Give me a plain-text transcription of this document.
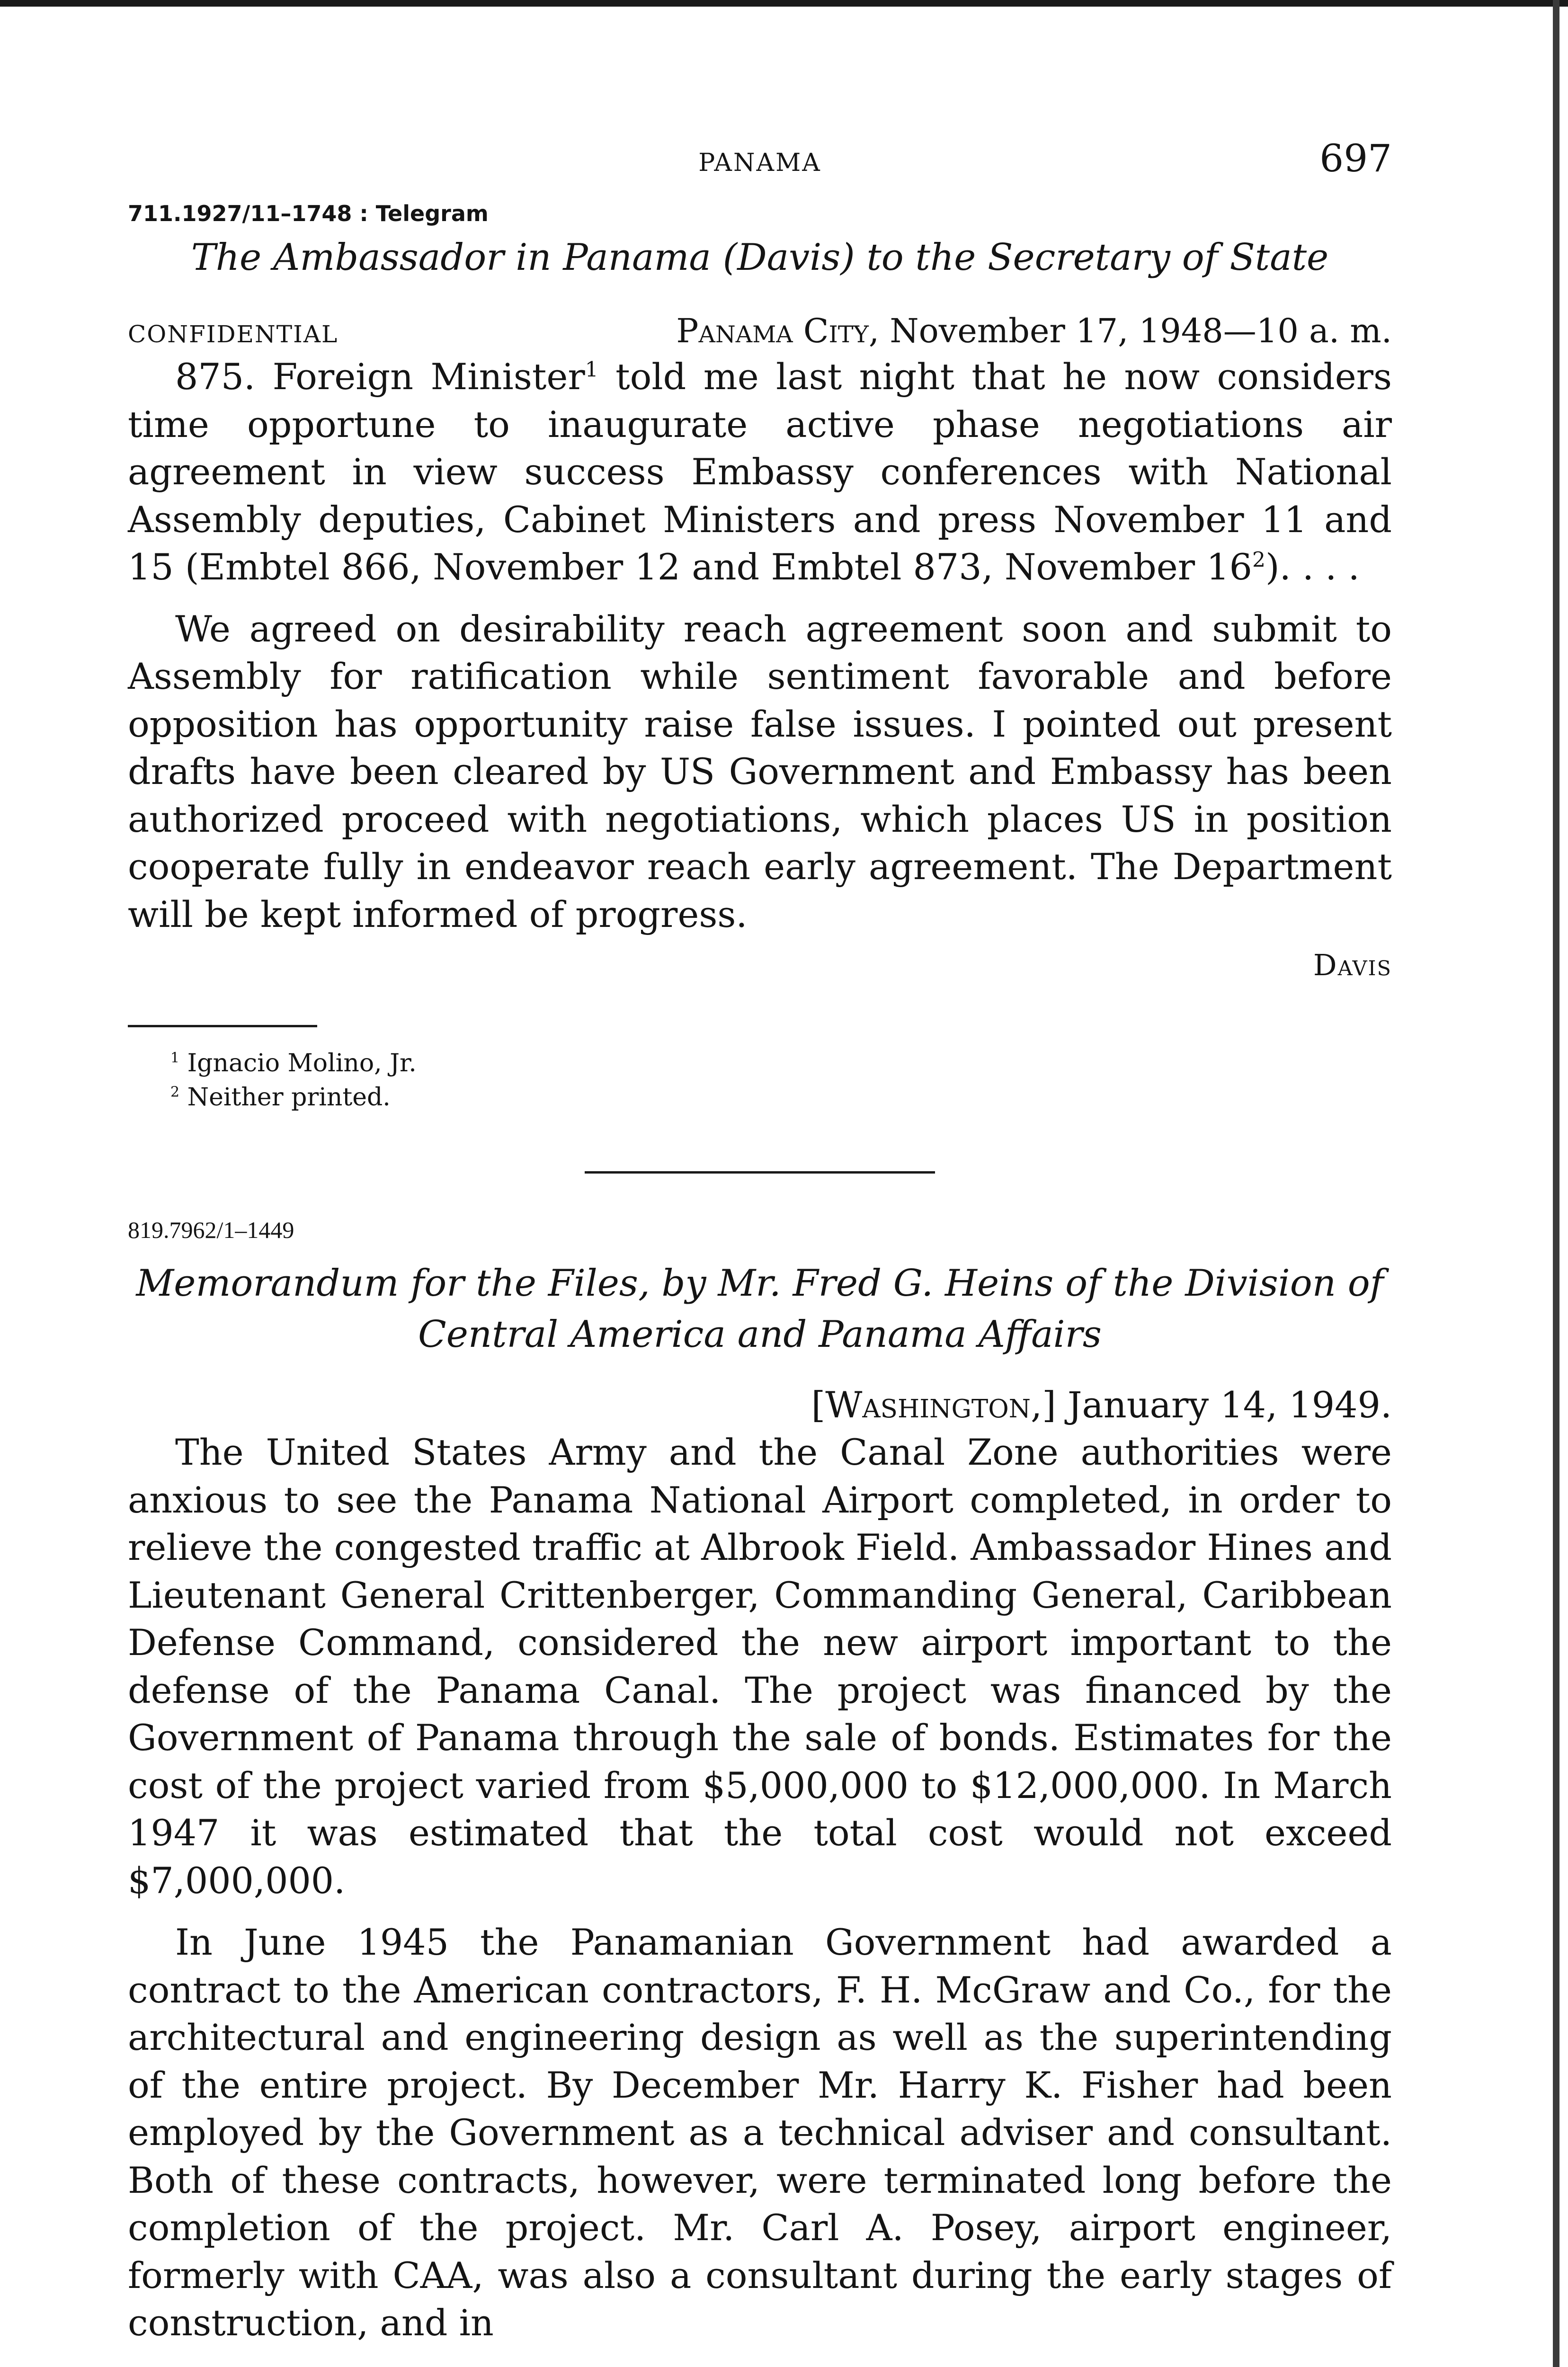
PANAMA	697
711.1927/11–1748 : Telegram
The Ambassador in Panama (Davis) to the Secretary of State
CONFIDENTIAL	Panama City, November 17, 1948—10 a. m.

875. Foreign Minister$^1$ told me last night that he now considers time opportune to inaugurate active phase negotiations air agreement in view success Embassy conferences with National Assembly deputies, Cabinet Ministers and press November 11 and 15 (Embtel 866, November 12 and Embtel 873, November $16^2$). . . .

We agreed on desirability reach agreement soon and submit to Assembly for ratification while sentiment favorable and before opposition has opportunity raise false issues. I pointed out present drafts have been cleared by US Government and Embassy has been authorized proceed with negotiations, which places US in position cooperate fully in endeavor reach early agreement. The Department will be kept informed of progress.

Davis
$^1$ Ignacio Molino, Jr.
$^2$ Neither printed.
819.7962/1–1449
Memorandum for the Files, by Mr. Fred G. Heins of the Division of
Central America and Panama Affairs
[Washington,] January 14, 1949.

The United States Army and the Canal Zone authorities were anxious to see the Panama National Airport completed, in order to relieve the congested traffic at Albrook Field. Ambassador Hines and Lieutenant General Crittenberger, Commanding General, Caribbean Defense Command, considered the new airport important to the defense of the Panama Canal. The project was financed by the Government of Panama through the sale of bonds. Estimates for the cost of the project varied from $5,000,000 to $12,000,000. In March 1947 it was estimated that the total cost would not exceed $7,000,000.

In June 1945 the Panamanian Government had awarded a contract to the American contractors, F. H. McGraw and Co., for the architectural and engineering design as well as the superintending of the entire project. By December Mr. Harry K. Fisher had been employed by the Government as a technical adviser and consultant. Both of these contracts, however, were terminated long before the completion of the project. Mr. Carl A. Posey, airport engineer, formerly with CAA, was also a consultant during the early stages of construction, and in
